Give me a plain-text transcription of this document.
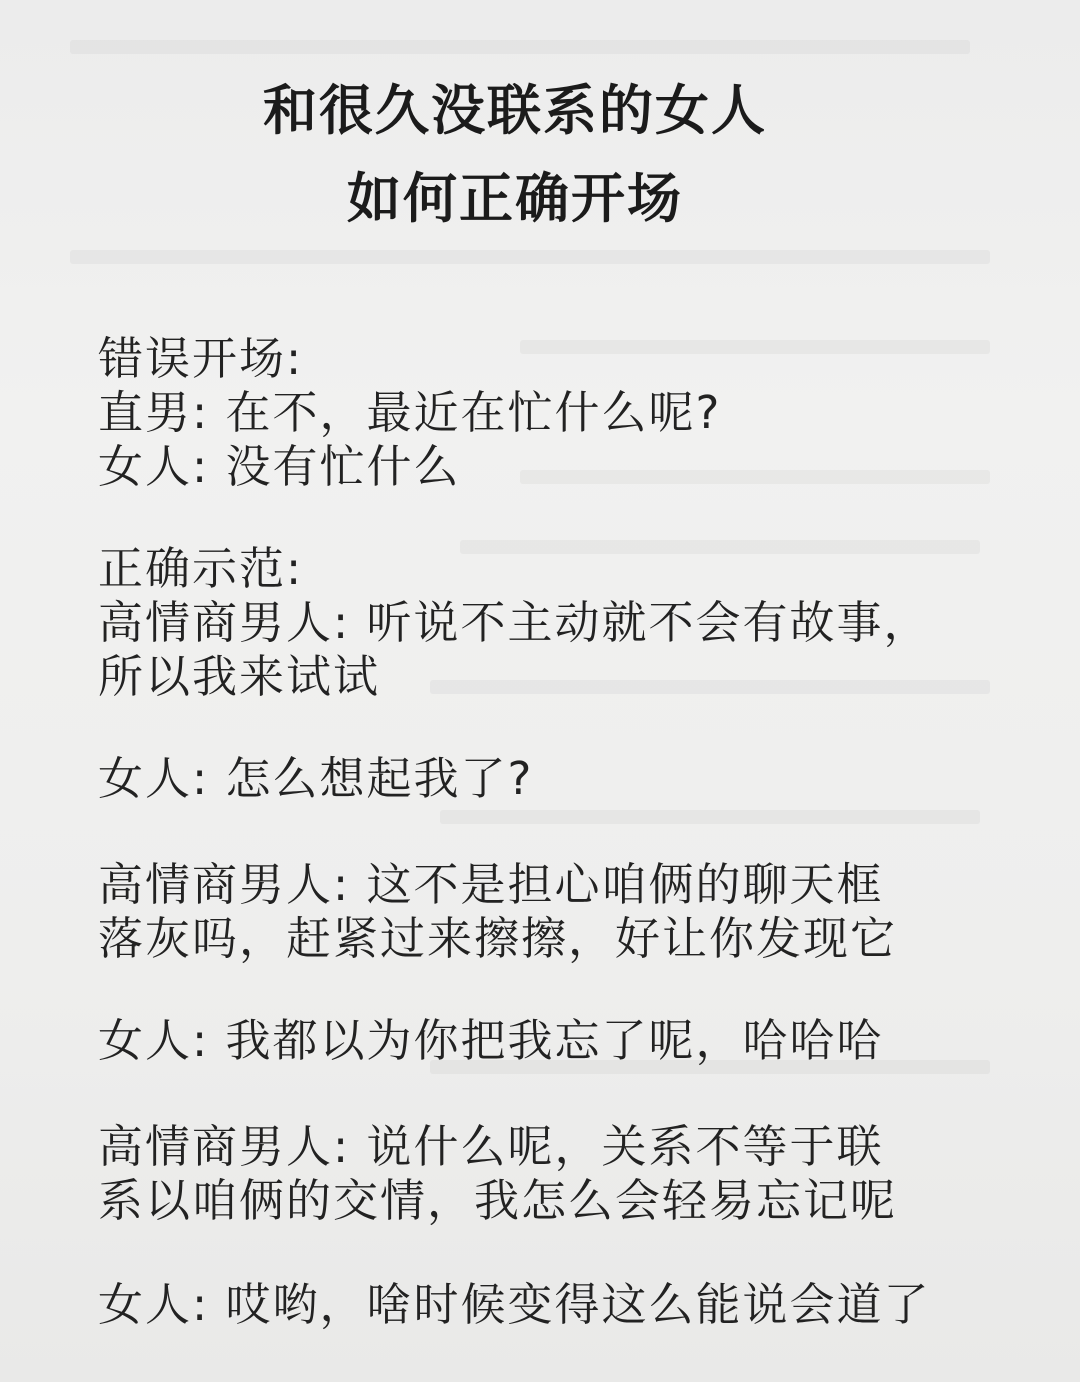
和很久没联系的女人
如何正确开场
错误开场:
直男: 在不，最近在忙什么呢?
女人: 没有忙什么
正确示范:
高情商男人: 听说不主动就不会有故事，
所以我来试试
女人: 怎么想起我了?
高情商男人: 这不是担心咱俩的聊天框
落灰吗，赶紧过来擦擦，好让你发现它
女人: 我都以为你把我忘了呢，哈哈哈
高情商男人: 说什么呢，关系不等于联
系以咱俩的交情，我怎么会轻易忘记呢
女人: 哎哟，啥时候变得这么能说会道了
